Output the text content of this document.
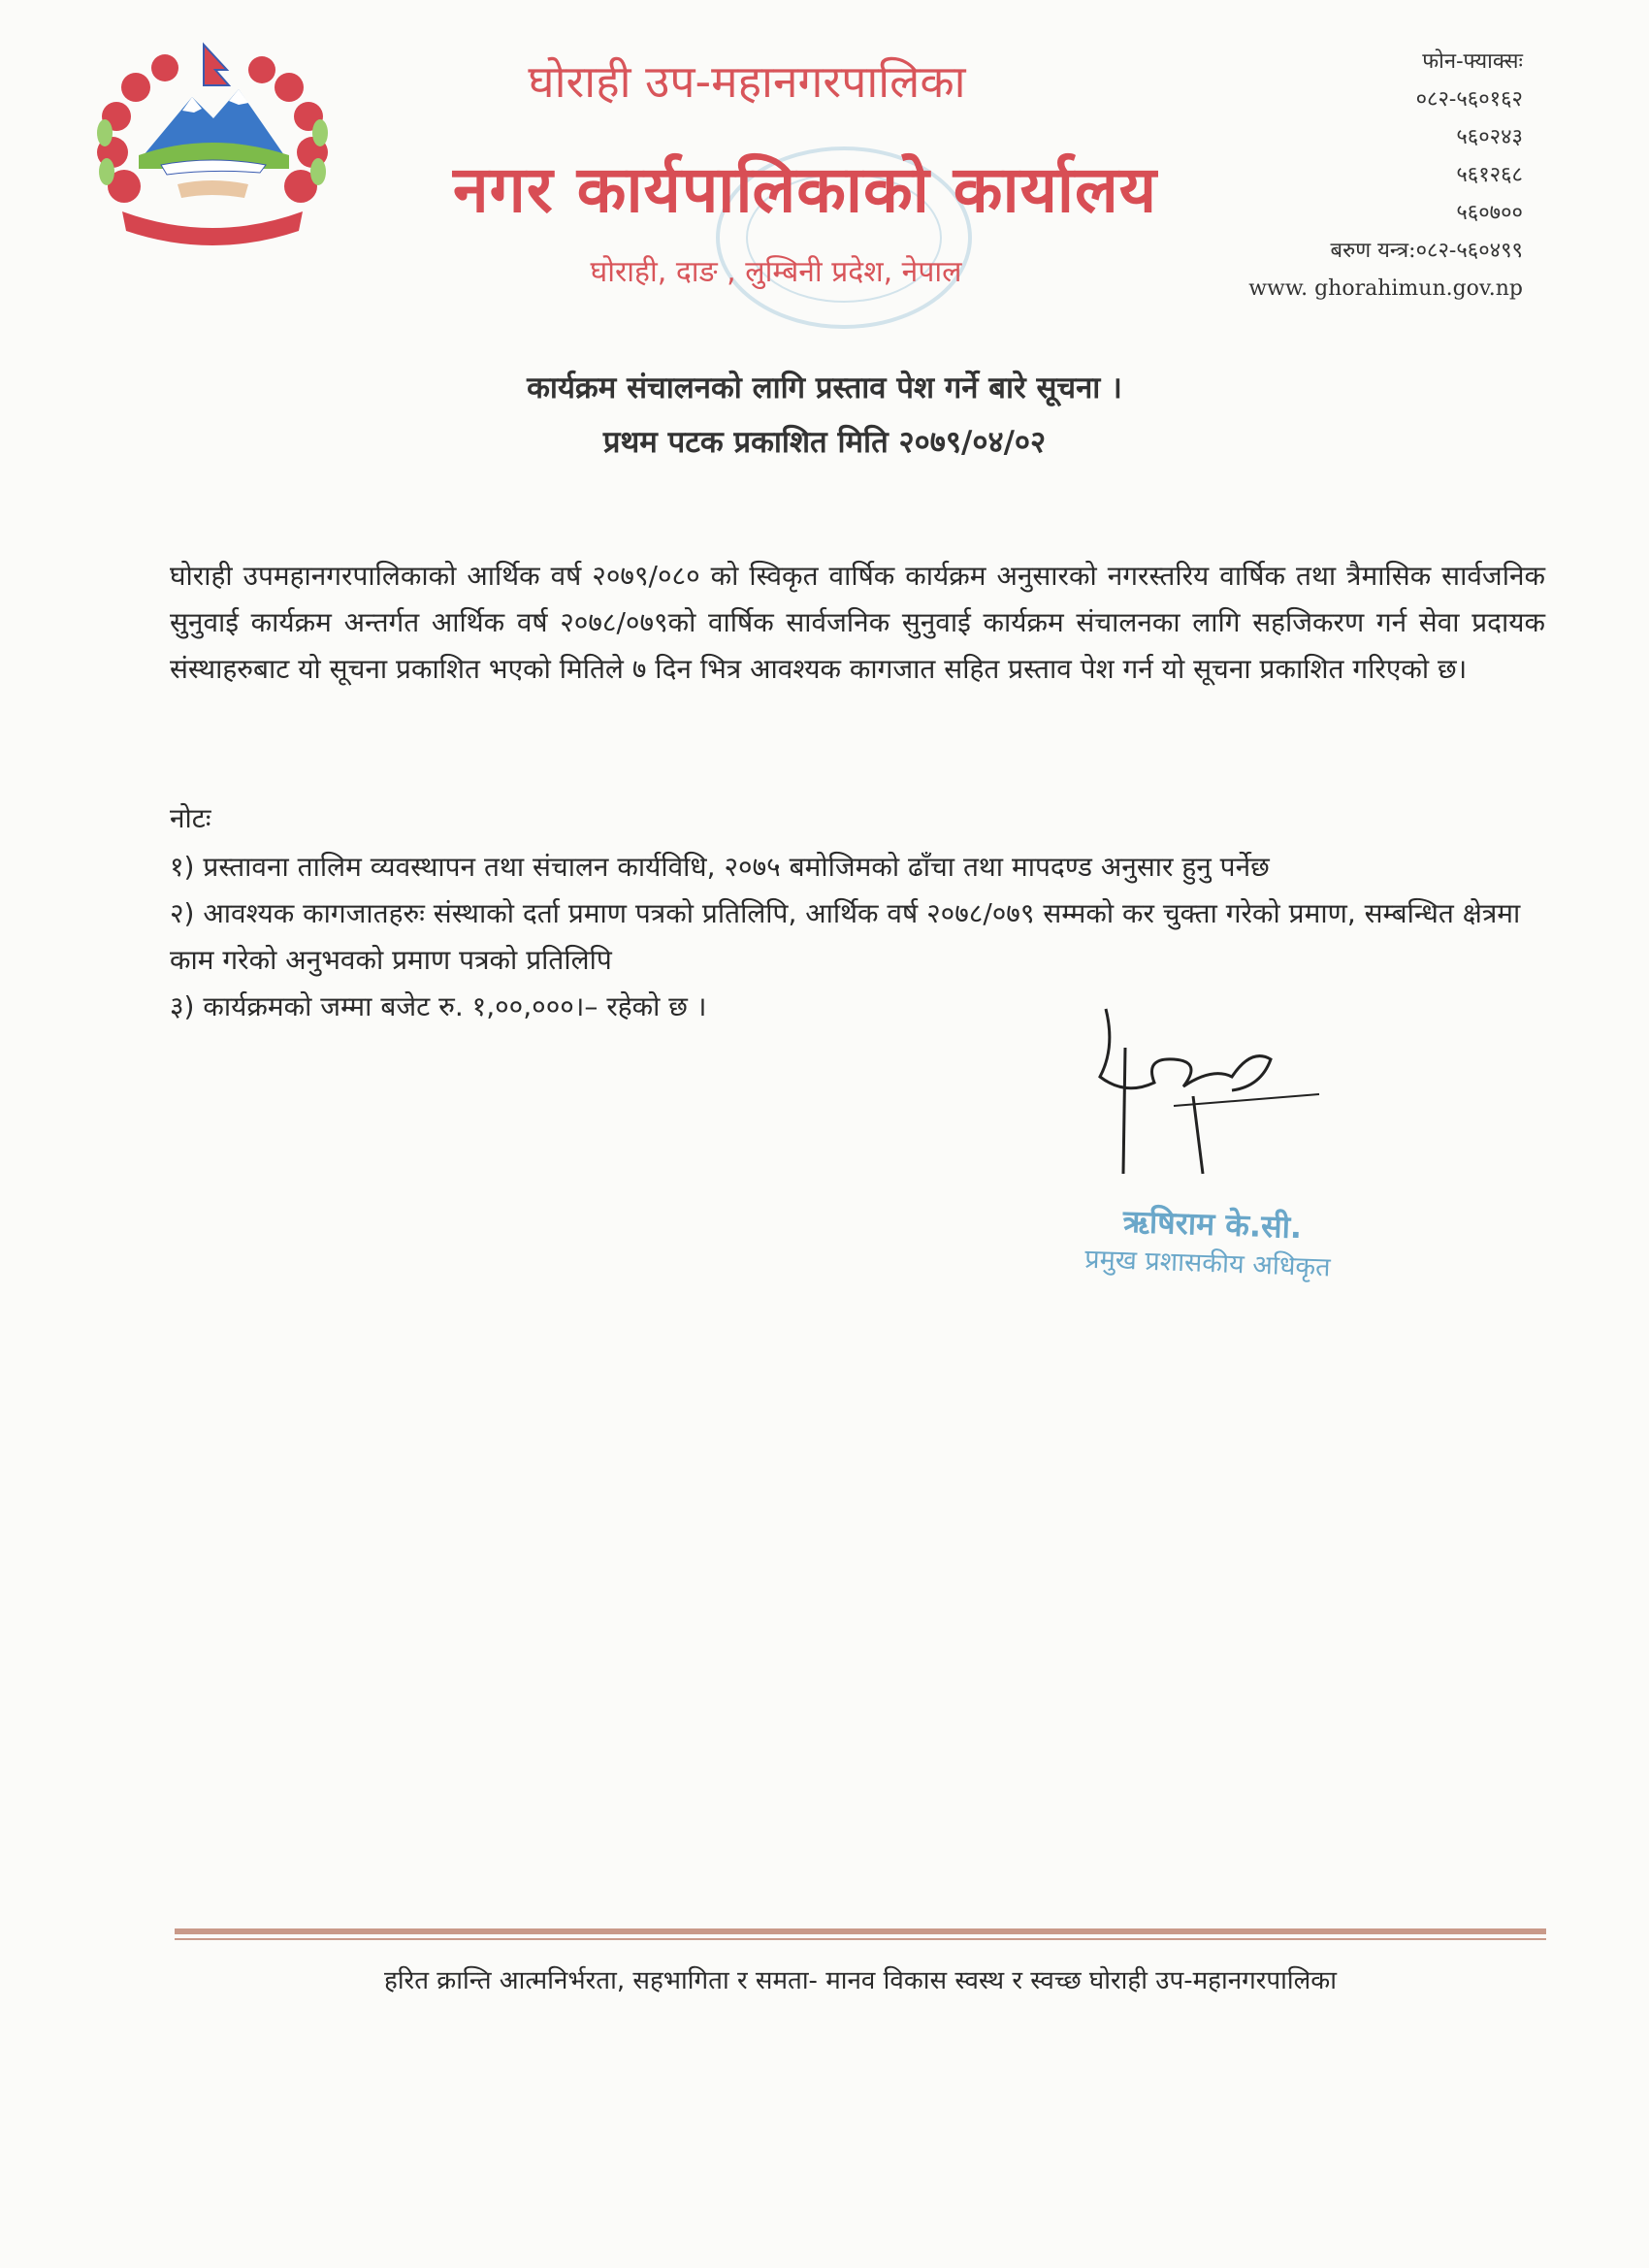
घोराही उप-महानगरपालिका
नगर कार्यपालिकाको कार्यालय
घोराही, दाङ , लुम्बिनी प्रदेश, नेपाल
फोन-फ्याक्सः
०८२-५६०१६२
५६०२४३
५६१२६८
५६०७००
बरुण यन्त्र:०८२-५६०४९९
www. ghorahimun.gov.np
कार्यक्रम संचालनको लागि प्रस्ताव पेश गर्ने बारे सूचना ।
प्रथम पटक प्रकाशित मिति २०७९/०४/०२
घोराही उपमहानगरपालिकाको आर्थिक वर्ष २०७९/०८० को स्विकृत वार्षिक कार्यक्रम अनुसारको नगरस्तरिय वार्षिक तथा त्रैमासिक सार्वजनिक सुनुवाई कार्यक्रम अन्तर्गत आर्थिक वर्ष २०७८/०७९को वार्षिक सार्वजनिक सुनुवाई कार्यक्रम संचालनका लागि सहजिकरण गर्न सेवा प्रदायक संस्थाहरुबाट यो सूचना प्रकाशित भएको मितिले ७ दिन भित्र आवश्यक कागजात सहित प्रस्ताव पेश गर्न यो सूचना प्रकाशित गरिएको छ।
नोटः
१) प्रस्तावना तालिम व्यवस्थापन तथा संचालन कार्यविधि, २०७५ बमोजिमको ढाँचा तथा मापदण्ड अनुसार हुनु पर्नेछ
२) आवश्यक कागजातहरुः संस्थाको दर्ता प्रमाण पत्रको प्रतिलिपि, आर्थिक वर्ष २०७८/०७९ सम्मको कर चुक्ता गरेको प्रमाण, सम्बन्धित क्षेत्रमा काम गरेको अनुभवको प्रमाण पत्रको प्रतिलिपि
३) कार्यक्रमको जम्मा बजेट रु. १,००,०००।– रहेको छ ।
ऋषिराम के.सी.
प्रमुख प्रशासकीय अधिकृत
हरित क्रान्ति आत्मनिर्भरता, सहभागिता र समता- मानव विकास स्वस्थ र स्वच्छ घोराही उप-महानगरपालिका
